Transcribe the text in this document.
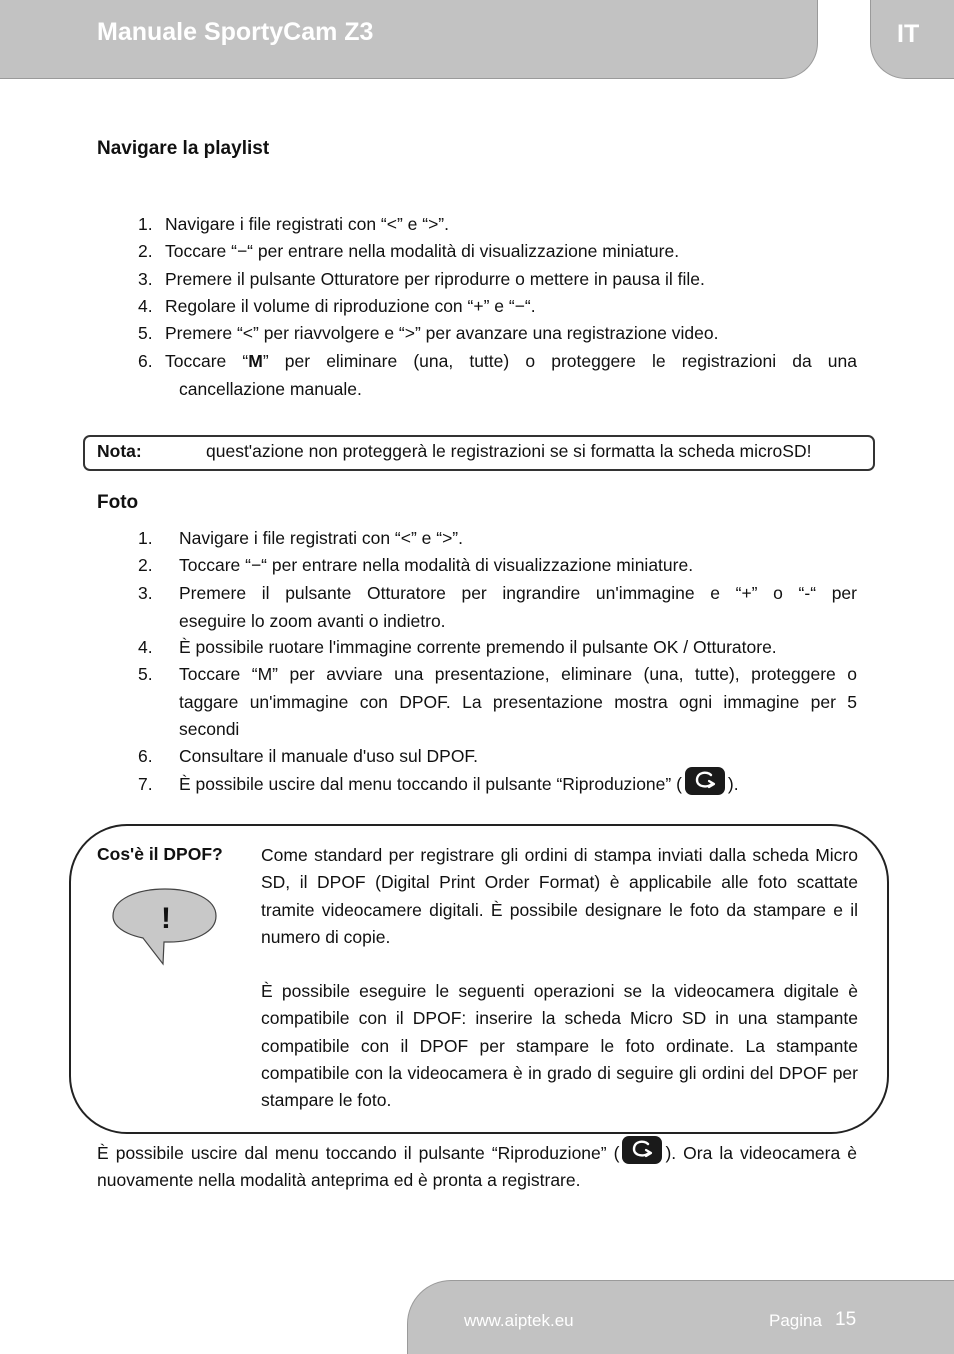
Manuale SportyCam Z3	IT
Navigare la playlist
1. Navigare i file registrati con “<” e “>”.
2. Toccare “−“ per entrare nella modalità di visualizzazione miniature.
3. Premere il pulsante Otturatore per riprodurre o mettere in pausa il file.
4. Regolare il volume di riproduzione con “+” e “−“.
5. Premere “<” per riavvolgere e “>” per avanzare una registrazione video.
6. Toccare “M” per eliminare (una, tutte) o proteggere le registrazioni da una
cancellazione manuale.
Nota:	quest'azione non proteggerà le registrazioni se si formatta la scheda microSD!
Foto
1.	Navigare i file registrati con “<” e “>”.
2.	Toccare “−“ per entrare nella modalità di visualizzazione miniature.
3.	Premere il pulsante Otturatore per ingrandire un'immagine e “+” o “-“ per
eseguire lo zoom avanti o indietro.
4.	È possibile ruotare l'immagine corrente premendo il pulsante OK / Otturatore.
5.	Toccare “M” per avviare una presentazione, eliminare (una, tutte), proteggere o
taggare un'immagine con DPOF. La presentazione mostra ogni immagine per 5
secondi
6.	Consultare il manuale d'uso sul DPOF.
7.	È possibile uscire dal menu toccando il pulsante “Riproduzione” (	).
Cos'è il DPOF?
!
Come standard per registrare gli ordini di stampa inviati dalla scheda Micro SD, il DPOF (Digital Print Order Format) è applicabile alle foto scattate tramite videocamere digitali. È possibile designare le foto da stampare e il numero di copie.
È possibile eseguire le seguenti operazioni se la videocamera digitale è compatibile con il DPOF: inserire la scheda Micro SD in una stampante compatibile con il DPOF per stampare le foto ordinate. La stampante compatibile con la videocamera è in grado di seguire gli ordini del DPOF per stampare le foto.
È possibile uscire dal menu toccando il pulsante “Riproduzione” (	). Ora la videocamera è nuovamente nella modalità anteprima ed è pronta a registrare.
www.aiptek.eu	Pagina 15
